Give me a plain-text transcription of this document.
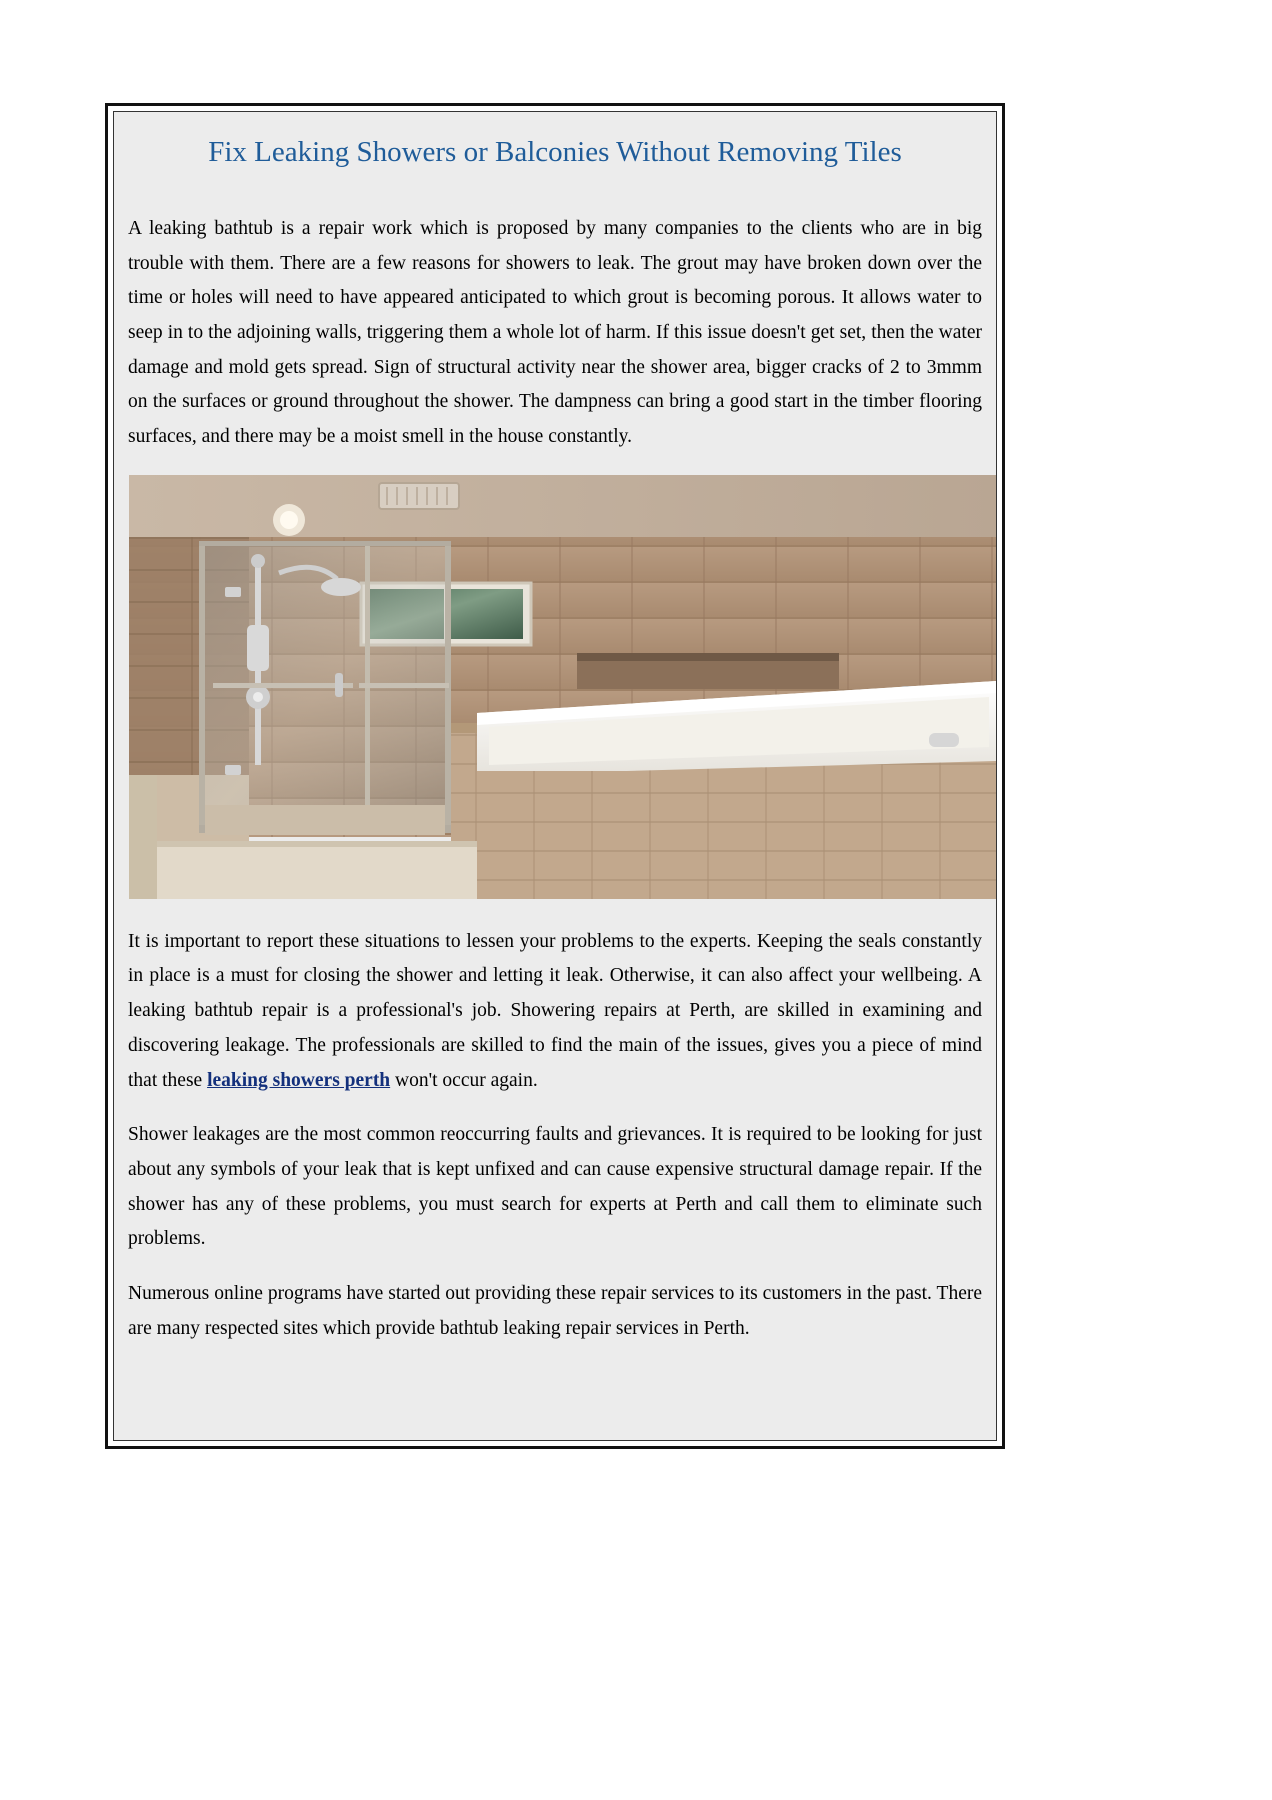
Fix Leaking Showers or Balconies Without Removing Tiles

A leaking bathtub is a repair work which is proposed by many companies to the clients who are in big trouble with them. There are a few reasons for showers to leak. The grout may have broken down over the time or holes will need to have appeared anticipated to which grout is becoming porous. It allows water to seep in to the adjoining walls, triggering them a whole lot of harm. If this issue doesn't get set, then the water damage and mold gets spread. Sign of structural activity near the shower area, bigger cracks of 2 to 3mmm on the surfaces or ground throughout the shower. The dampness can bring a good start in the timber flooring surfaces, and there may be a moist smell in the house constantly.

It is important to report these situations to lessen your problems to the experts. Keeping the seals constantly in place is a must for closing the shower and letting it leak. Otherwise, it can also affect your wellbeing. A leaking bathtub repair is a professional's job. Showering repairs at Perth, are skilled in examining and discovering leakage. The professionals are skilled to find the main of the issues, gives you a piece of mind that these leaking showers perth won't occur again.

Shower leakages are the most common reoccurring faults and grievances. It is required to be looking for just about any symbols of your leak that is kept unfixed and can cause expensive structural damage repair. If the shower has any of these problems, you must search for experts at Perth and call them to eliminate such problems.

Numerous online programs have started out providing these repair services to its customers in the past. There are many respected sites which provide bathtub leaking repair services in Perth.
